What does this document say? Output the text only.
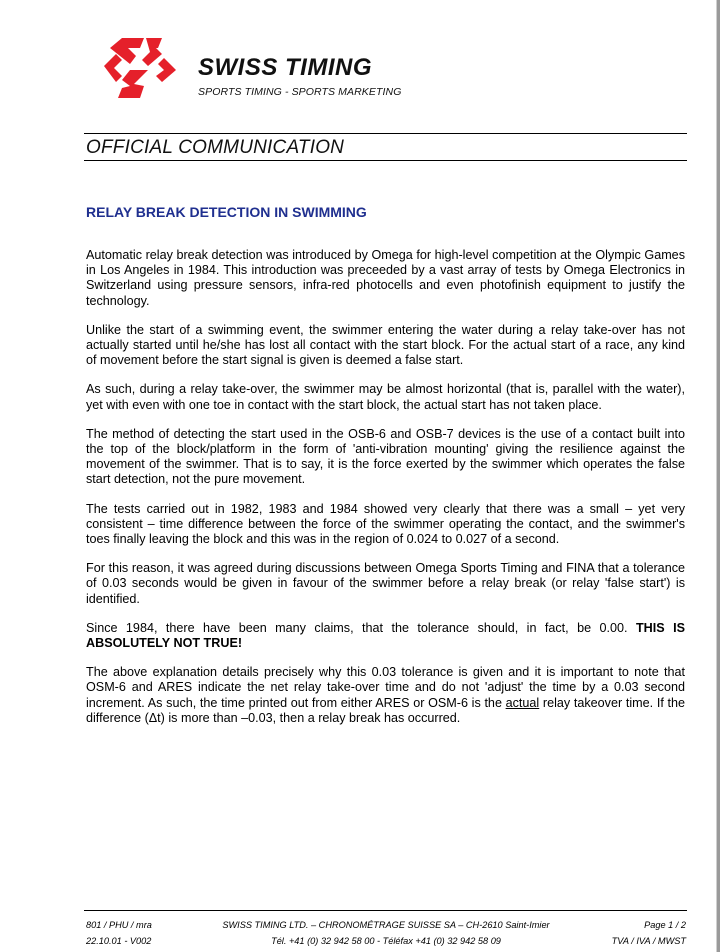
SWISS TIMING
SPORTS TIMING - SPORTS MARKETING
OFFICIAL COMMUNICATION
RELAY BREAK DETECTION IN SWIMMING

Automatic relay break detection was introduced by Omega for high-level competition at the Olympic Games in Los Angeles in 1984. This introduction was preceeded by a vast array of tests by Omega Electronics in Switzerland using pressure sensors, infra-red photocells and even photofinish equipment to justify the technology.

Unlike the start of a swimming event, the swimmer entering the water during a relay take-over has not actually started until he/she has lost all contact with the start block. For the actual start of a race, any kind of movement before the start signal is given is deemed a false start.

As such, during a relay take-over, the swimmer may be almost horizontal (that is, parallel with the water), yet with even with one toe in contact with the start block, the actual start has not taken place.

The method of detecting the start used in the OSB-6 and OSB-7 devices is the use of a contact built into the top of the block/platform in the form of 'anti-vibration mounting' giving the resilience against the movement of the swimmer. That is to say, it is the force exerted by the swimmer which operates the false start detection, not the pure movement.

The tests carried out in 1982, 1983 and 1984 showed very clearly that there was a small – yet very consistent – time difference between the force of the swimmer operating the contact, and the swimmer's toes finally leaving the block and this was in the region of 0.024 to 0.027 of a second.

For this reason, it was agreed during discussions between Omega Sports Timing and FINA that a tolerance of 0.03 seconds would be given in favour of the swimmer before a relay break (or relay 'false start') is identified.

Since 1984, there have been many claims, that the tolerance should, in fact, be 0.00. THIS IS ABSOLUTELY NOT TRUE!

The above explanation details precisely why this 0.03 tolerance is given and it is important to note that OSM-6 and ARES indicate the net relay take-over time and do not 'adjust' the time by a 0.03 second increment. As such, the time printed out from either ARES or OSM-6 is the actual relay takeover time. If the difference (Δt) is more than –0.03, then a relay break has occurred.

801 / PHU / mra	SWISS TIMING LTD. – CHRONOMÉTRAGE SUISSE SA – CH-2610 Saint-Imier	Page 1 / 2
22.10.01 - V002	Tél. +41 (0) 32 942 58 00 - Téléfax +41 (0) 32 942 58 09	TVA / IVA / MWST
